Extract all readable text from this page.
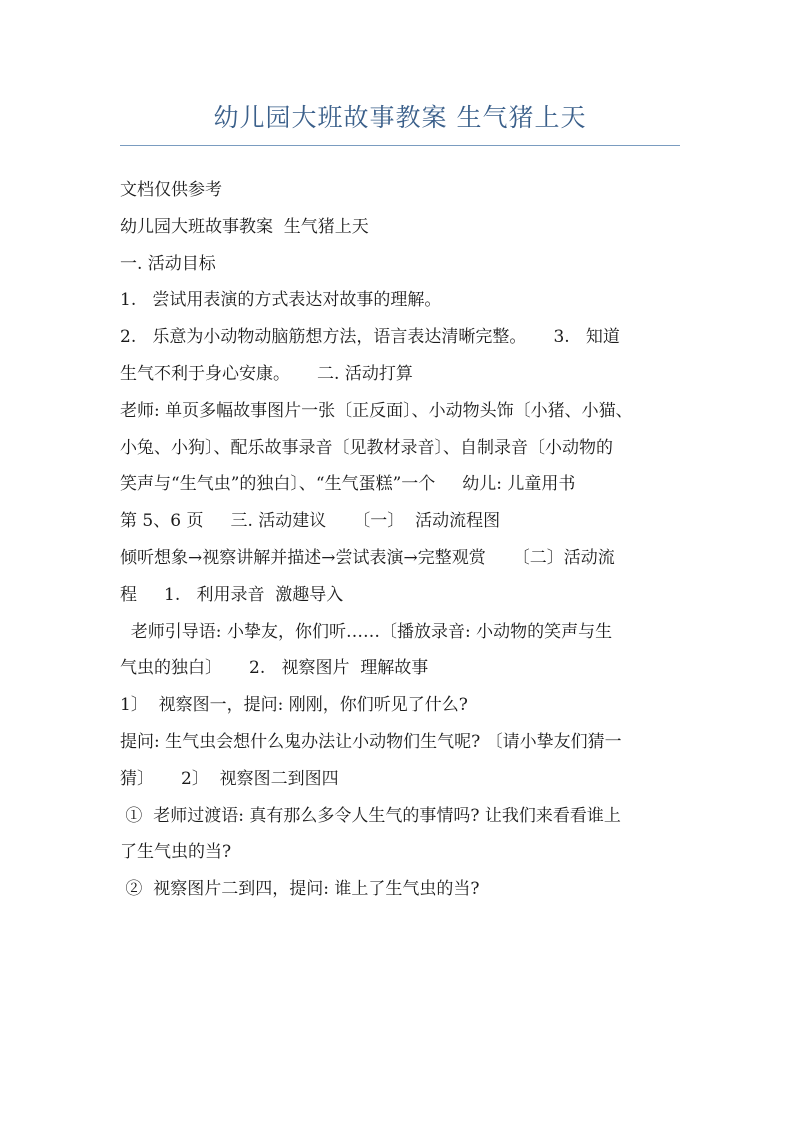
幼儿园大班故事教案 生气猪上天
文档仅供参考
幼儿园大班故事教案  生气猪上天
一. 活动目标
1.   尝试用表演的方式表达对故事的理解。
2.   乐意为小动物动脑筋想方法，语言表达清晰完整。     3.   知道
生气不利于身心安康。     二. 活动打算
老师: 单页多幅故事图片一张〔正反面〕、小动物头饰〔小猪、小猫、
小兔、小狗〕、配乐故事录音〔见教材录音〕、自制录音〔小动物的
笑声与“生气虫”的独白〕、“生气蛋糕”一个     幼儿: 儿童用书
第 5、6 页     三. 活动建议     〔一〕  活动流程图
倾听想象→视察讲解并描述→尝试表演→完整观赏     〔二〕活动流
程     1.   利用录音  激趣导入
老师引导语: 小挚友，你们听……〔播放录音: 小动物的笑声与生
气虫的独白〕     2.   视察图片  理解故事
1〕  视察图一，提问: 刚刚，你们听见了什么?
提问: 生气虫会想什么鬼办法让小动物们生气呢? 〔请小挚友们猜一
猜〕     2〕  视察图二到图四
①  老师过渡语: 真有那么多令人生气的事情吗? 让我们来看看谁上
了生气虫的当?
②  视察图片二到四，提问: 谁上了生气虫的当?
